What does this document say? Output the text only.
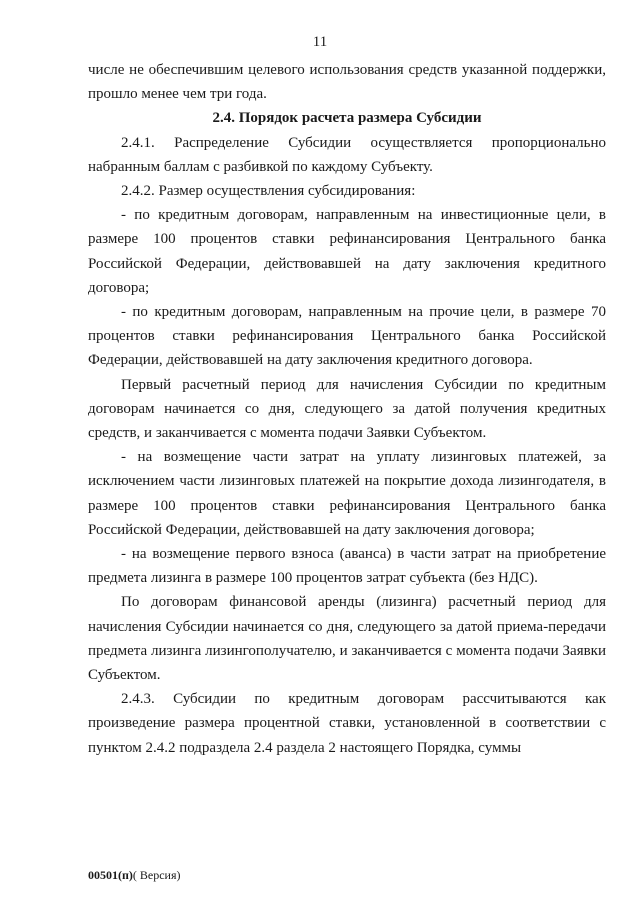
11

числе не обеспечившим целевого использования средств указанной поддержки, прошло менее чем три года.

2.4. Порядок расчета размера Субсидии

2.4.1. Распределение Субсидии осуществляется пропорционально набранным баллам с разбивкой по каждому Субъекту.

2.4.2. Размер осуществления субсидирования:

- по кредитным договорам, направленным на инвестиционные цели, в размере 100 процентов ставки рефинансирования Центрального банка Российской Федерации, действовавшей на дату заключения кредитного договора;

- по кредитным договорам, направленным на прочие цели, в размере 70 процентов ставки рефинансирования Центрального банка Российской Федерации, действовавшей на дату заключения кредитного договора.

Первый расчетный период для начисления Субсидии по кредитным договорам начинается со дня, следующего за датой получения кредитных средств, и заканчивается с момента подачи Заявки Субъектом.

- на возмещение части затрат на уплату лизинговых платежей, за исключением части лизинговых платежей на покрытие дохода лизингодателя, в размере 100 процентов ставки рефинансирования Центрального банка Российской Федерации, действовавшей на дату заключения договора;

- на возмещение первого взноса (аванса) в части затрат на приобретение предмета лизинга в размере 100 процентов затрат субъекта (без НДС).

По договорам финансовой аренды (лизинга) расчетный период для начисления Субсидии начинается со дня, следующего за датой приема-передачи предмета лизинга лизингополучателю, и заканчивается с момента подачи Заявки Субъектом.

2.4.3. Субсидии по кредитным договорам рассчитываются как произведение размера процентной ставки, установленной в соответствии с пунктом 2.4.2 подраздела 2.4 раздела 2 настоящего Порядка, суммы

00501(п)( Версия)
